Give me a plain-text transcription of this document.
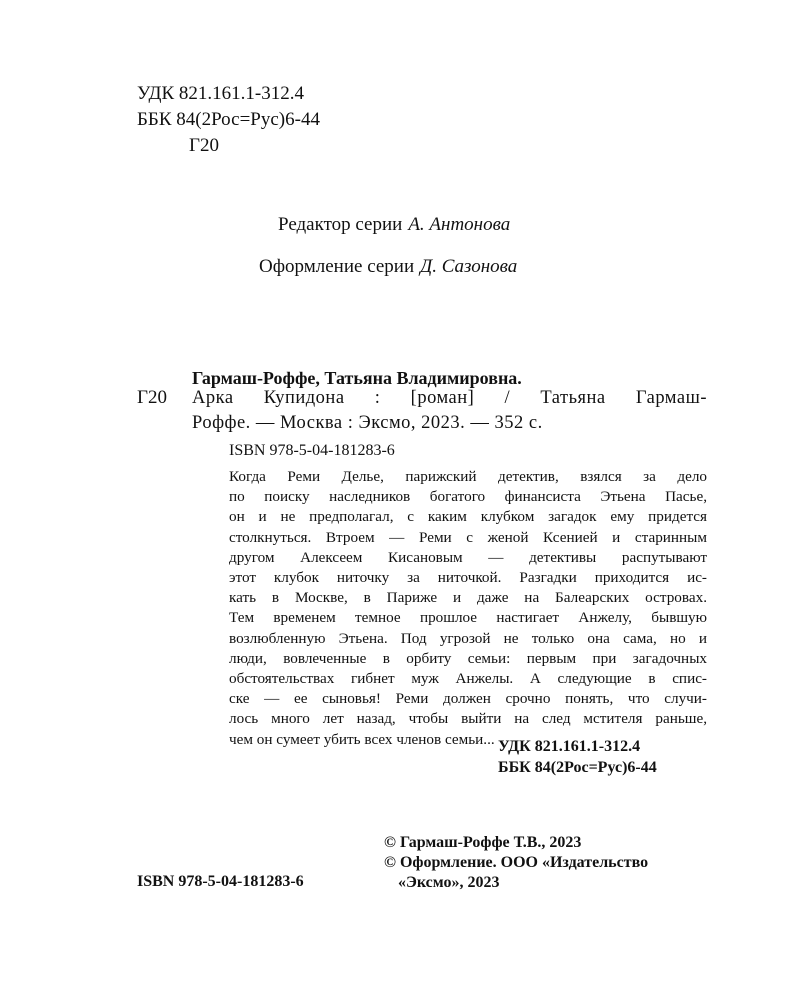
УДК 821.161.1-312.4
ББК 84(2Рос=Рус)6-44
Г20
Редактор серии А. Антонова
Оформление серии Д. Сазонова
Гармаш-Роффе, Татьяна Владимировна.
Г20 Арка Купидона : [роман] / Татьяна Гармаш-
Роффе. — Москва : Эксмо, 2023. — 352 с.
ISBN 978-5-04-181283-6
Когда Реми Делье, парижский детектив, взялся за дело
по поиску наследников богатого финансиста Этьена Пасье,
он и не предполагал, с каким клубком загадок ему придется
столкнуться. Втроем — Реми с женой Ксенией и старинным
другом Алексеем Кисановым — детективы распутывают
этот клубок ниточку за ниточкой. Разгадки приходится ис-
кать в Москве, в Париже и даже на Балеарских островах.
Тем временем темное прошлое настигает Анжелу, бывшую
возлюбленную Этьена. Под угрозой не только она сама, но и
люди, вовлеченные в орбиту семьи: первым при загадочных
обстоятельствах гибнет муж Анжелы. А следующие в спис-
ске — ее сыновья! Реми должен срочно понять, что случи-
лось много лет назад, чтобы выйти на след мстителя раньше,
чем он сумеет убить всех членов семьи... УДК 821.161.1-312.4
ББК 84(2Рос=Рус)6-44
© Гармаш-Роффе Т.В., 2023
© Оформление. ООО «Издательство
«Эксмо», 2023
ISBN 978-5-04-181283-6
